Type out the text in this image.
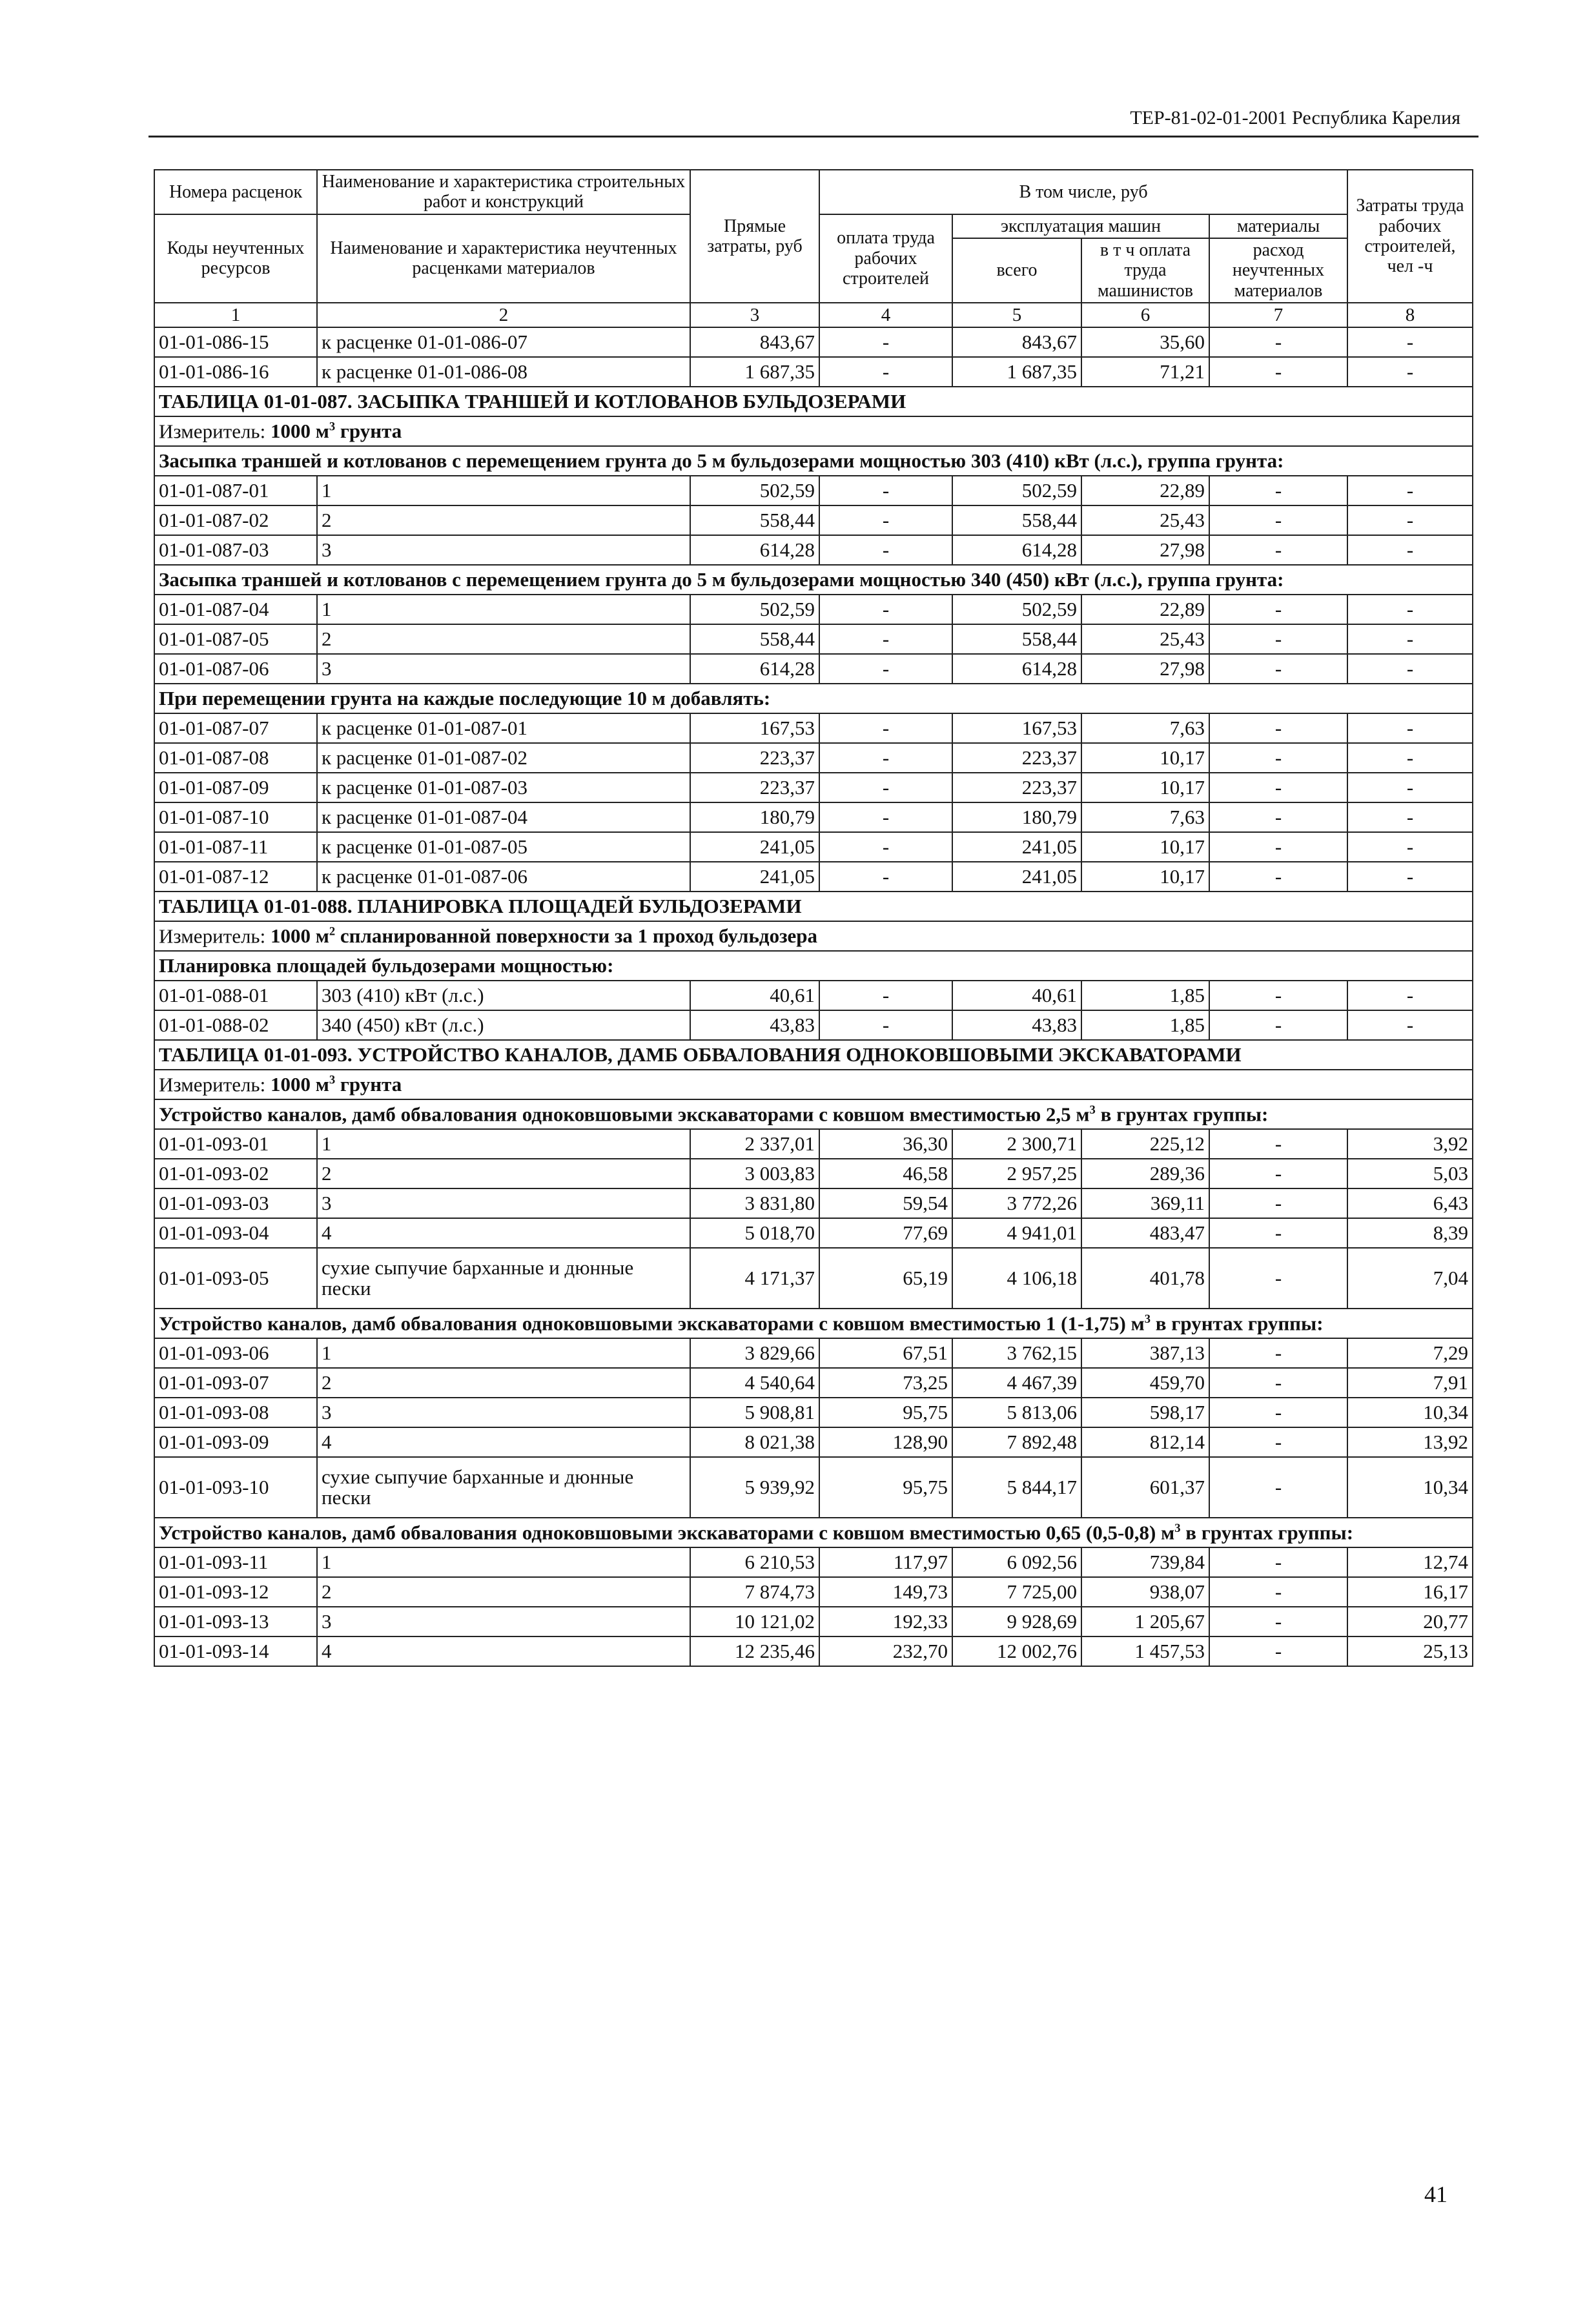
ТЕР-81-02-01-2001 Республика Карелия
Номера расценок	Наименование и характеристика строительных работ и конструкций	Прямые затраты, руб	В том числе, руб				Затраты труда рабочих строителей, чел -ч
Коды неучтенных ресурсов	Наименование и характеристика неучтенных расценками материалов		оплата труда рабочих строителей	эксплуатация машин		материалы	
				всего	в т ч оплата труда машинистов	расход неучтенных материалов	
1	2	3	4	5	6	7	8
01-01-086-15	к расценке 01-01-086-07	843,67	-	843,67	35,60	-	-
01-01-086-16	к расценке 01-01-086-08	1 687,35	-	1 687,35	71,21	-	-
ТАБЛИЦА 01-01-087. ЗАСЫПКА ТРАНШЕЙ И КОТЛОВАНОВ БУЛЬДОЗЕРАМИ							
Измеритель: 1000 $м^3$ грунта							
Засыпка траншей и котлованов с перемещением грунта до 5 м бульдозерами мощностью 303 (410) кВт (л.с.), группа грунта:							
01-01-087-01	1	502,59	-	502,59	22,89	-	-
01-01-087-02	2	558,44	-	558,44	25,43	-	-
01-01-087-03	3	614,28	-	614,28	27,98	-	-
Засыпка траншей и котлованов с перемещением грунта до 5 м бульдозерами мощностью 340 (450) кВт (л.с.), группа грунта:							
01-01-087-04	1	502,59	-	502,59	22,89	-	-
01-01-087-05	2	558,44	-	558,44	25,43	-	-
01-01-087-06	3	614,28	-	614,28	27,98	-	-
При перемещении грунта на каждые последующие 10 м добавлять:							
01-01-087-07	к расценке 01-01-087-01	167,53	-	167,53	7,63	-	-
01-01-087-08	к расценке 01-01-087-02	223,37	-	223,37	10,17	-	-
01-01-087-09	к расценке 01-01-087-03	223,37	-	223,37	10,17	-	-
01-01-087-10	к расценке 01-01-087-04	180,79	-	180,79	7,63	-	-
01-01-087-11	к расценке 01-01-087-05	241,05	-	241,05	10,17	-	-
01-01-087-12	к расценке 01-01-087-06	241,05	-	241,05	10,17	-	-
ТАБЛИЦА 01-01-088. ПЛАНИРОВКА ПЛОЩАДЕЙ БУЛЬДОЗЕРАМИ							
Измеритель: 1000 $м^2$ спланированной поверхности за 1 проход бульдозера							
Планировка площадей бульдозерами мощностью:							
01-01-088-01	303 (410) кВт (л.с.)	40,61	-	40,61	1,85	-	-
01-01-088-02	340 (450) кВт (л.с.)	43,83	-	43,83	1,85	-	-
ТАБЛИЦА 01-01-093. УСТРОЙСТВО КАНАЛОВ, ДАМБ ОБВАЛОВАНИЯ ОДНОКОВШОВЫМИ ЭКСКАВАТОРАМИ							
Измеритель: 1000 $м^3$ грунта							
Устройство каналов, дамб обвалования одноковшовыми экскаваторами с ковшом вместимостью 2,5 $м^3$ в грунтах группы:							
01-01-093-01	1	2 337,01	36,30	2 300,71	225,12	-	3,92
01-01-093-02	2	3 003,83	46,58	2 957,25	289,36	-	5,03
01-01-093-03	3	3 831,80	59,54	3 772,26	369,11	-	6,43
01-01-093-04	4	5 018,70	77,69	4 941,01	483,47	-	8,39
01-01-093-05	сухие сыпучие барханные и дюнные пески	4 171,37	65,19	4 106,18	401,78	-	7,04
Устройство каналов, дамб обвалования одноковшовыми экскаваторами с ковшом вместимостью 1 (1-1,75) $м^3$ в грунтах группы:							
01-01-093-06	1	3 829,66	67,51	3 762,15	387,13	-	7,29
01-01-093-07	2	4 540,64	73,25	4 467,39	459,70	-	7,91
01-01-093-08	3	5 908,81	95,75	5 813,06	598,17	-	10,34
01-01-093-09	4	8 021,38	128,90	7 892,48	812,14	-	13,92
01-01-093-10	сухие сыпучие барханные и дюнные пески	5 939,92	95,75	5 844,17	601,37	-	10,34
Устройство каналов, дамб обвалования одноковшовыми экскаваторами с ковшом вместимостью 0,65 (0,5-0,8) $м^3$ в грунтах группы:							
01-01-093-11	1	6 210,53	117,97	6 092,56	739,84	-	12,74
01-01-093-12	2	7 874,73	149,73	7 725,00	938,07	-	16,17
01-01-093-13	3	10 121,02	192,33	9 928,69	1 205,67	-	20,77
01-01-093-14	4	12 235,46	232,70	12 002,76	1 457,53	-	25,13
41
